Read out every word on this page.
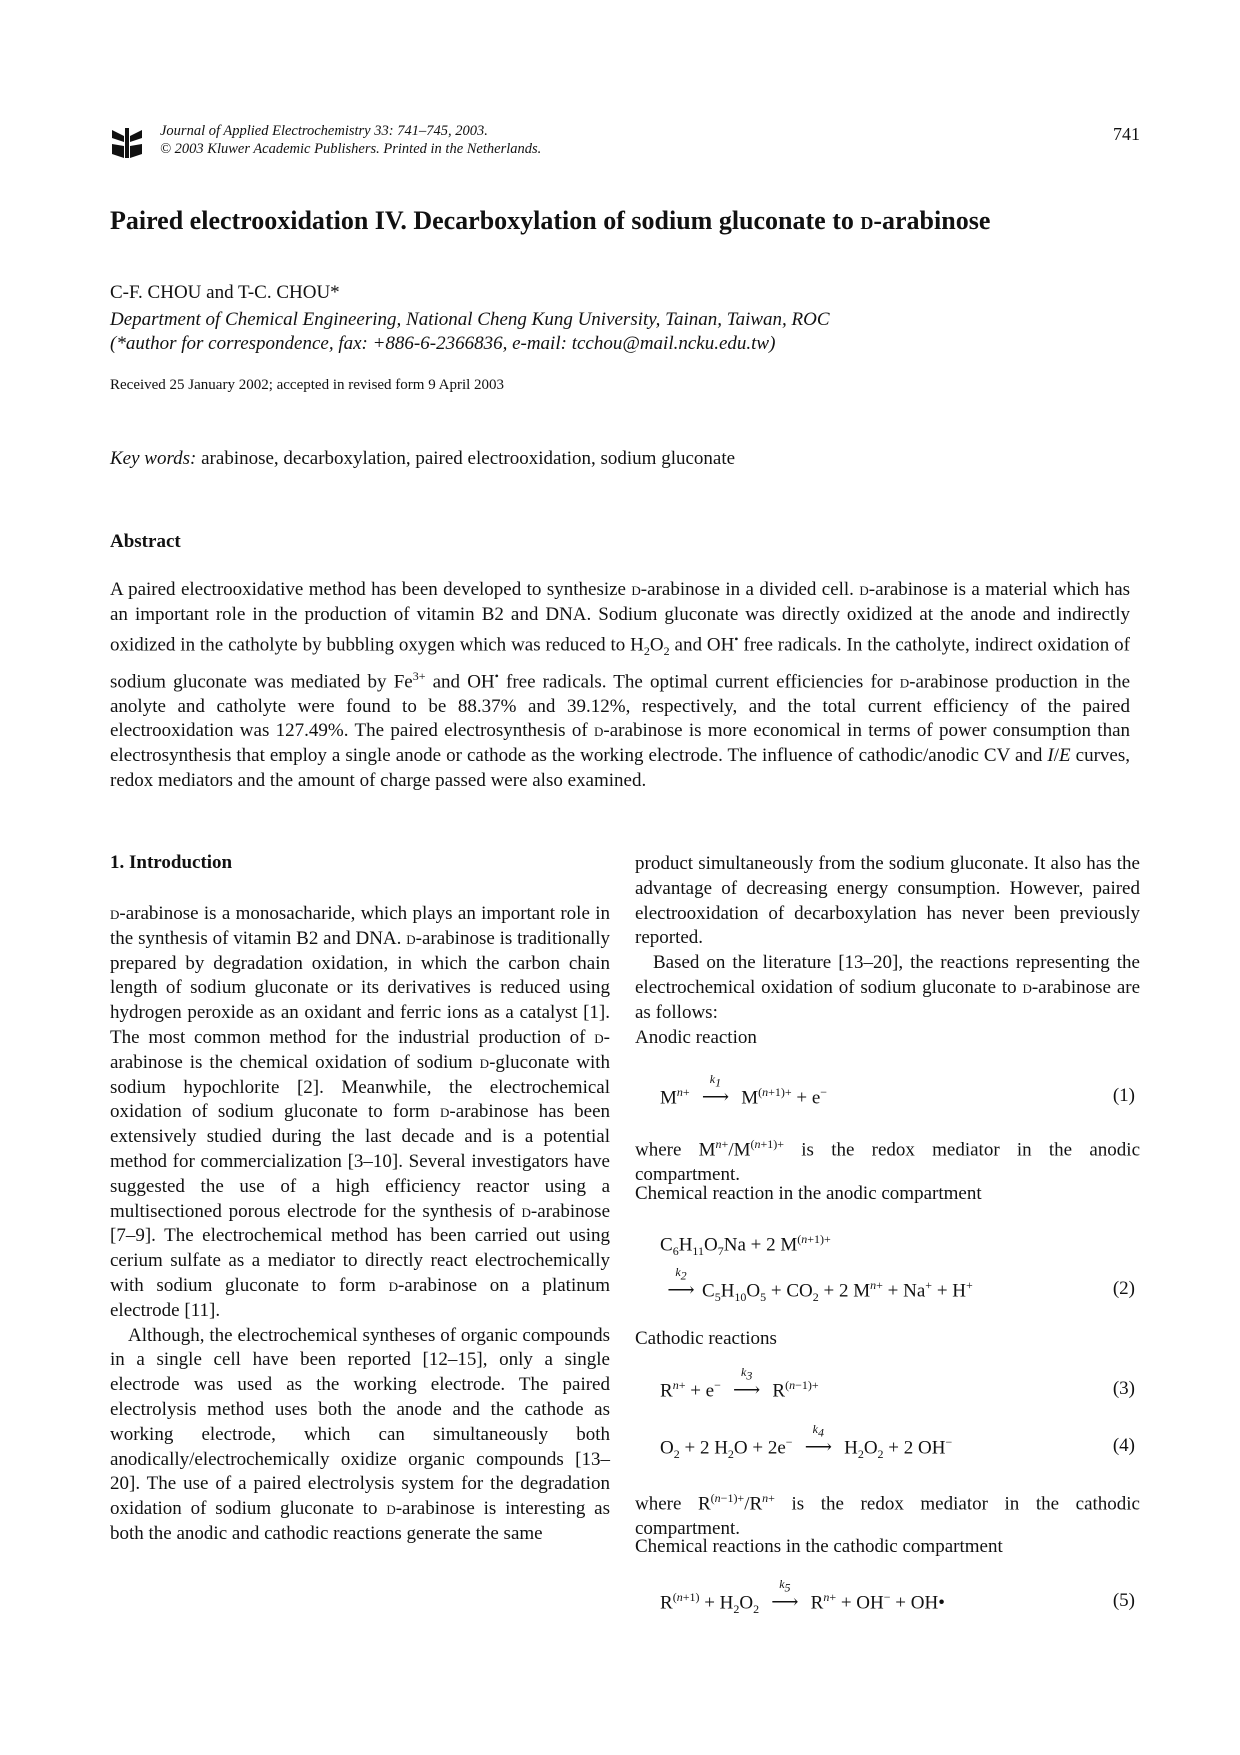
Journal of Applied Electrochemistry 33: 741–745, 2003.
© 2003 Kluwer Academic Publishers. Printed in the Netherlands.
741
Paired electrooxidation IV. Decarboxylation of sodium gluconate to d-arabinose
C-F. CHOU and T-C. CHOU*
Department of Chemical Engineering, National Cheng Kung University, Tainan, Taiwan, ROC
(*author for correspondence, fax: +886-6-2366836, e-mail: tcchou@mail.ncku.edu.tw)
Received 25 January 2002; accepted in revised form 9 April 2003
Key words: arabinose, decarboxylation, paired electrooxidation, sodium gluconate
Abstract
A paired electrooxidative method has been developed to synthesize d-arabinose in a divided cell. d-arabinose is a material which has an important role in the production of vitamin B2 and DNA. Sodium gluconate was directly oxidized at the anode and indirectly oxidized in the catholyte by bubbling oxygen which was reduced to $H_2O_2$ and OH• free radicals. In the catholyte, indirect oxidation of sodium gluconate was mediated by $Fe^{3+}$ and OH• free radicals. The optimal current efficiencies for d-arabinose production in the anolyte and catholyte were found to be 88.37% and 39.12%, respectively, and the total current efficiency of the paired electrooxidation was 127.49%. The paired electrosynthesis of d-arabinose is more economical in terms of power consumption than electrosynthesis that employ a single anode or cathode as the working electrode. The influence of cathodic/anodic CV and I/E curves, redox mediators and the amount of charge passed were also examined.
1. Introduction

d-arabinose is a monosacharide, which plays an important role in the synthesis of vitamin B2 and DNA. d-arabinose is traditionally prepared by degradation oxidation, in which the carbon chain length of sodium gluconate or its derivatives is reduced using hydrogen peroxide as an oxidant and ferric ions as a catalyst [1]. The most common method for the industrial production of d-arabinose is the chemical oxidation of sodium d-gluconate with sodium hypochlorite [2]. Meanwhile, the electrochemical oxidation of sodium gluconate to form d-arabinose has been extensively studied during the last decade and is a potential method for commercialization [3–10]. Several investigators have suggested the use of a high efficiency reactor using a multisectioned porous electrode for the synthesis of d-arabinose [7–9]. The electrochemical method has been carried out using cerium sulfate as a mediator to directly react electrochemically with sodium gluconate to form d-arabinose on a platinum electrode [11].

Although, the electrochemical syntheses of organic compounds in a single cell have been reported [12–15], only a single electrode was used as the working electrode. The paired electrolysis method uses both the anode and the cathode as working electrode, which can simultaneously both anodically/electrochemically oxidize organic compounds [13–20]. The use of a paired electrolysis system for the degradation oxidation of sodium gluconate to d-arabinose is interesting as both the anodic and cathodic reactions generate the same

product simultaneously from the sodium gluconate. It also has the advantage of decreasing energy consumption. However, paired electrooxidation of decarboxylation has never been previously reported.

Based on the literature [13–20], the reactions representing the electrochemical oxidation of sodium gluconate to d-arabinose are as follows:

Anodic reaction

$M^{n+}$
$k_1$
⟶ $M^{(n+1)+} + e^-$	(1)
where $M^{n+}/M^{(n+1)+}$ is the redox mediator in the anodic compartment.
Chemical reaction in the anodic compartment
$C_6H_{11}O_7Na + 2$ $M^{(n+1)+}$
$k_2$
⟶ $C_5H_{10}O_5 + CO_2 + 2$ $M^{n+} + Na^+ + H^+$	(2)
Cathodic reactions
$R^{n+} + e^-$
$k_3$
⟶ $R^{(n-1)+}$	(3)
$O_2 + 2$ $H_2O + 2e^-$
$k_4$
⟶ $H_2O_2 + 2$ OH−	(4)
where $R^{(n-1)+}/R^{n+}$ is the redox mediator in the cathodic compartment.
Chemical reactions in the cathodic compartment
$R^{(n+1)} + H_2O_2$
$k_5$
⟶ $R^{n+} + OH^-$ + OH•	(5)
